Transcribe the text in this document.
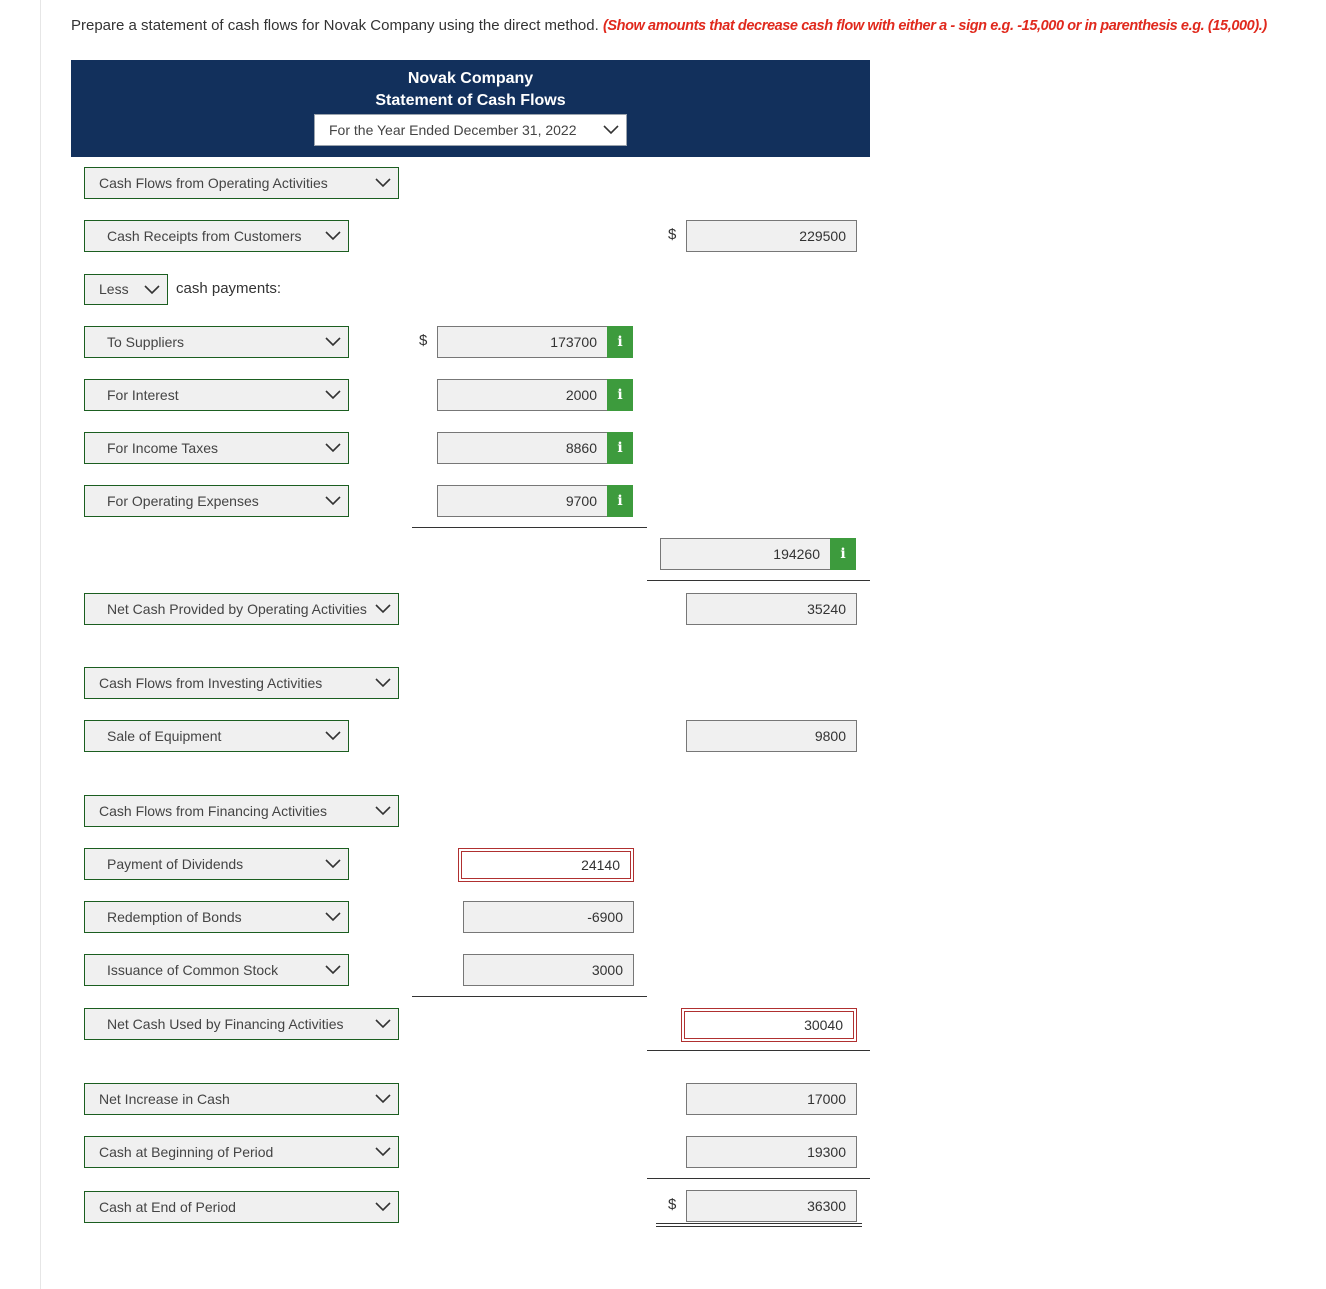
Prepare a statement of cash flows for Novak Company using the direct method. (Show amounts that decrease cash flow with either a - sign e.g. -15,000 or in parenthesis e.g. (15,000).)
Novak Company
Statement of Cash Flows
For the Year Ended December 31, 2022
Cash Flows from Operating Activities
Cash Receipts from Customers	$	229500
Less	cash payments:
To Suppliers	$	173700	i
For Interest	2000	i
For Income Taxes	8860	i
For Operating Expenses	9700	i
194260	i
Net Cash Provided by Operating Activities	35240
Cash Flows from Investing Activities
Sale of Equipment	9800
Cash Flows from Financing Activities
Payment of Dividends	24140
Redemption of Bonds	-6900
Issuance of Common Stock	3000
Net Cash Used by Financing Activities	30040
Net Increase in Cash	17000
Cash at Beginning of Period	19300
Cash at End of Period	$	36300
